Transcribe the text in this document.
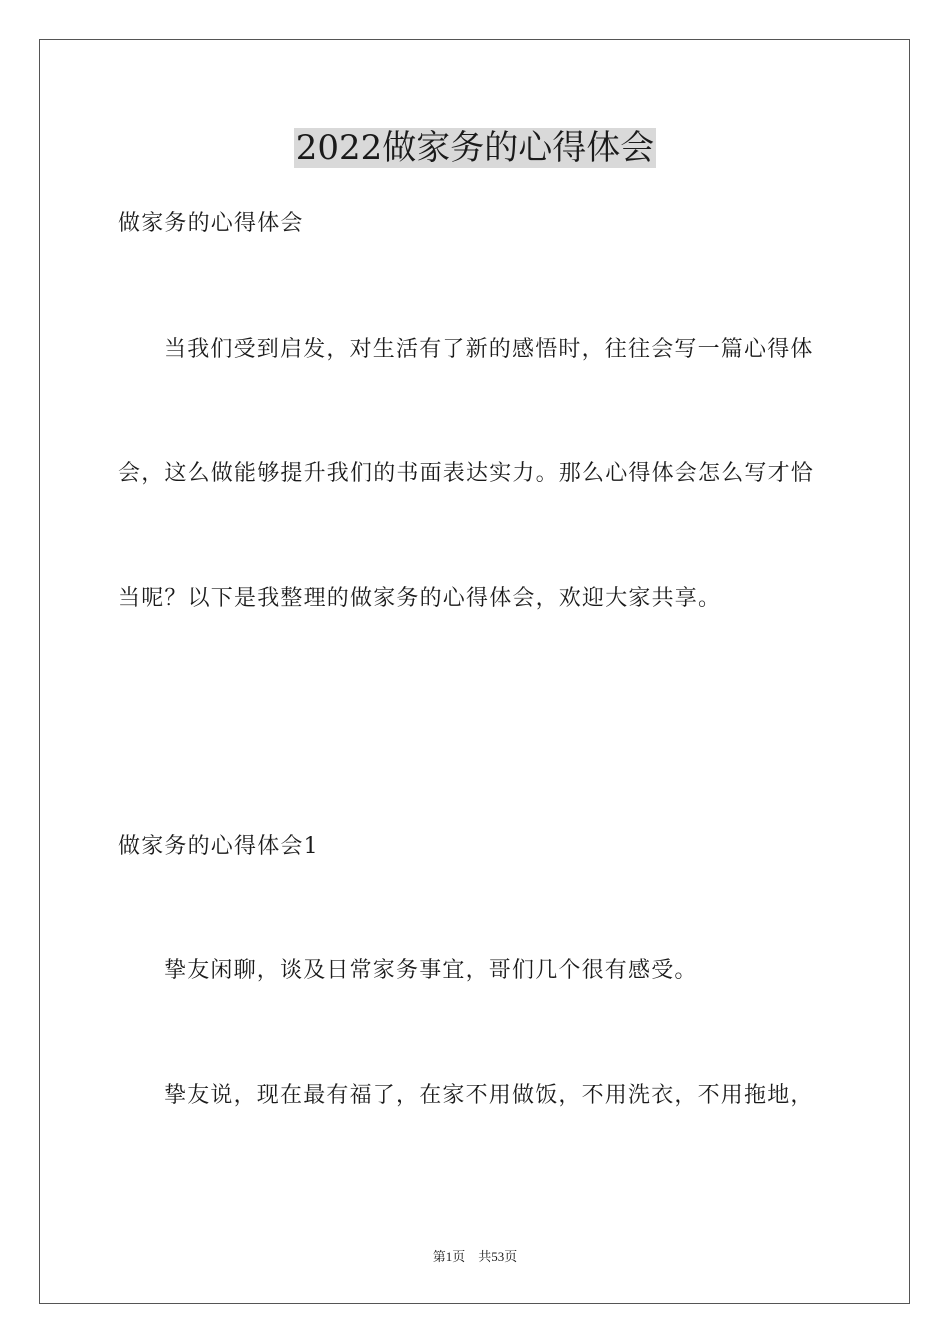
2022做家务的心得体会
做家务的心得体会
当我们受到启发，对生活有了新的感悟时，往往会写一篇心得体
会，这么做能够提升我们的书面表达实力。那么心得体会怎么写才恰
当呢？以下是我整理的做家务的心得体会，欢迎大家共享。
做家务的心得体会1
挚友闲聊，谈及日常家务事宜，哥们几个很有感受。
挚友说，现在最有福了，在家不用做饭，不用洗衣，不用拖地，
第1页　共53页
